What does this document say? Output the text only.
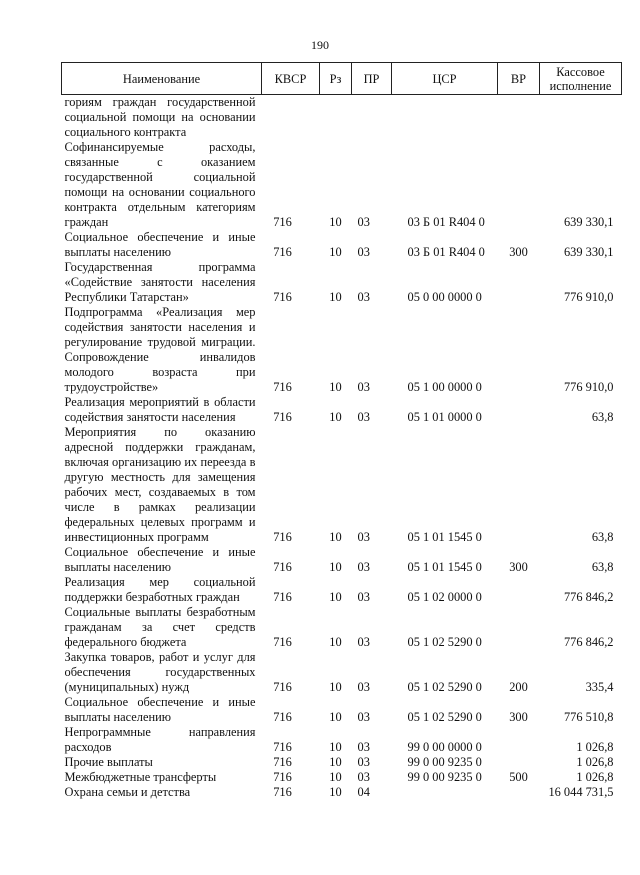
190
Наименование	КВСР	Рз	ПР	ЦСР	ВР	Кассовое исполнение
гориям граждан государственной социальной помощи на основании социального контракта						
Софинансируемые расходы, связанные с оказанием государственной социальной помощи на основании социального контракта отдельным категориям граждан	716	10	03	03 Б 01 R404 0		639 330,1
Социальное обеспечение и иные выплаты населению	716	10	03	03 Б 01 R404 0	300	639 330,1
Государственная программа «Содействие занятости населения Республики Татарстан»	716	10	03	05 0 00 0000 0		776 910,0
Подпрограмма «Реализация мер содействия занятости населения и регулирование трудовой миграции. Сопровождение инвалидов молодого возраста при трудоустройстве»	716	10	03	05 1 00 0000 0		776 910,0
Реализация мероприятий в области содействия занятости населения	716	10	03	05 1 01 0000 0		63,8
Мероприятия по оказанию адресной поддержки гражданам, включая организацию их переезда в другую местность для замещения рабочих мест, создаваемых в том числе в рамках реализации федеральных целевых программ и инвестиционных программ	716	10	03	05 1 01 1545 0		63,8
Социальное обеспечение и иные выплаты населению	716	10	03	05 1 01 1545 0	300	63,8
Реализация мер социальной поддержки безработных граждан	716	10	03	05 1 02 0000 0		776 846,2
Социальные выплаты безработным гражданам за счет средств федерального бюджета	716	10	03	05 1 02 5290 0		776 846,2
Закупка товаров, работ и услуг для обеспечения государственных (муниципальных) нужд	716	10	03	05 1 02 5290 0	200	335,4
Социальное обеспечение и иные выплаты населению	716	10	03	05 1 02 5290 0	300	776 510,8
Непрограммные направления расходов	716	10	03	99 0 00 0000 0		1 026,8
Прочие выплаты	716	10	03	99 0 00 9235 0		1 026,8
Межбюджетные трансферты	716	10	03	99 0 00 9235 0	500	1 026,8
Охрана семьи и детства	716	10	04			16 044 731,5
